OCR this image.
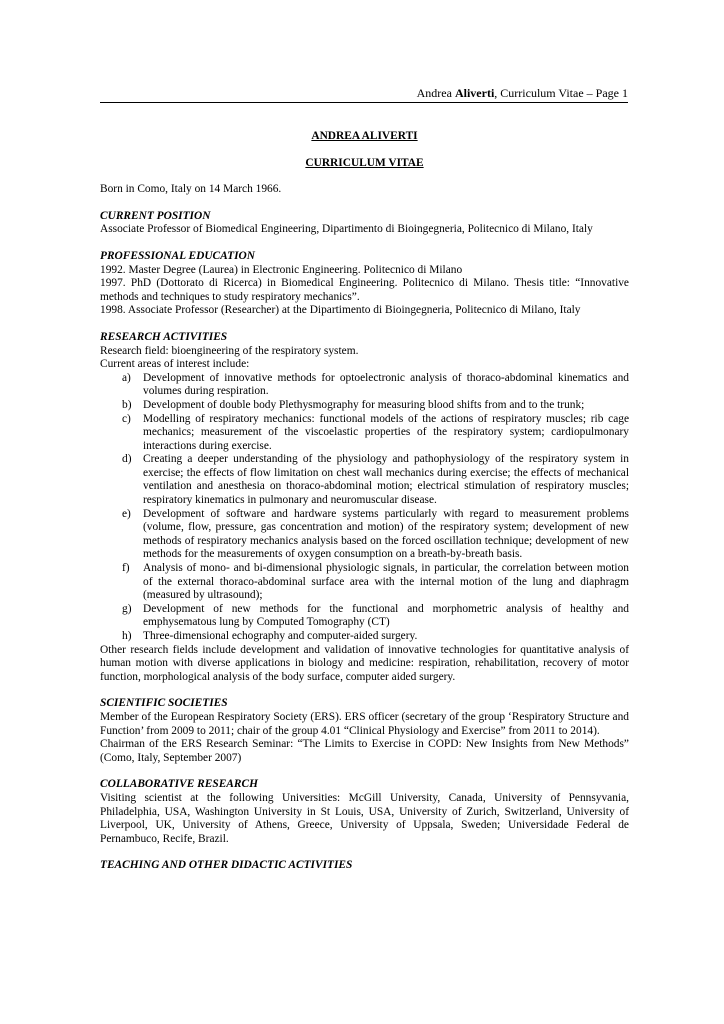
Andrea Aliverti, Curriculum Vitae – Page 1

ANDREA ALIVERTI

CURRICULUM VITAE

Born in Como, Italy on 14 March 1966.
CURRENT POSITION
Associate Professor of Biomedical Engineering, Dipartimento di Bioingegneria, Politecnico di Milano, Italy
PROFESSIONAL EDUCATION
1992. Master Degree (Laurea) in Electronic Engineering. Politecnico di Milano
1997. PhD (Dottorato di Ricerca) in Biomedical Engineering. Politecnico di Milano. Thesis title: “Innovative methods and techniques to study respiratory mechanics”.
1998. Associate Professor (Researcher) at the Dipartimento di Bioingegneria, Politecnico di Milano, Italy
RESEARCH ACTIVITIES
Research field: bioengineering of the respiratory system.
Current areas of interest include:
a) Development of innovative methods for optoelectronic analysis of thoraco-abdominal kinematics and volumes during respiration.
b) Development of double body Plethysmography for measuring blood shifts from and to the trunk;
c) Modelling of respiratory mechanics: functional models of the actions of respiratory muscles; rib cage mechanics; measurement of the viscoelastic properties of the respiratory system; cardiopulmonary interactions during exercise.
d) Creating a deeper understanding of the physiology and pathophysiology of the respiratory system in exercise; the effects of flow limitation on chest wall mechanics during exercise; the effects of mechanical ventilation and anesthesia on thoraco-abdominal motion; electrical stimulation of respiratory muscles; respiratory kinematics in pulmonary and neuromuscular disease.
e) Development of software and hardware systems particularly with regard to measurement problems (volume, flow, pressure, gas concentration and motion) of the respiratory system; development of new methods of respiratory mechanics analysis based on the forced oscillation technique; development of new methods for the measurements of oxygen consumption on a breath-by-breath basis.
f) Analysis of mono- and bi-dimensional physiologic signals, in particular, the correlation between motion of the external thoraco-abdominal surface area with the internal motion of the lung and diaphragm (measured by ultrasound);
g) Development of new methods for the functional and morphometric analysis of healthy and emphysematous lung by Computed Tomography (CT)
h) Three-dimensional echography and computer-aided surgery.
Other research fields include development and validation of innovative technologies for quantitative analysis of human motion with diverse applications in biology and medicine: respiration, rehabilitation, recovery of motor function, morphological analysis of the body surface, computer aided surgery.
SCIENTIFIC SOCIETIES
Member of the European Respiratory Society (ERS). ERS officer (secretary of the group ‘Respiratory Structure and Function’ from 2009 to 2011; chair of the group 4.01 “Clinical Physiology and Exercise” from 2011 to 2014).
Chairman of the ERS Research Seminar: “The Limits to Exercise in COPD: New Insights from New Methods” (Como, Italy, September 2007)
COLLABORATIVE RESEARCH
Visiting scientist at the following Universities: McGill University, Canada, University of Pennsyvania, Philadelphia, USA, Washington University in St Louis, USA, University of Zurich, Switzerland, University of Liverpool, UK, University of Athens, Greece, University of Uppsala, Sweden; Universidade Federal de Pernambuco, Recife, Brazil.
TEACHING AND OTHER DIDACTIC ACTIVITIES
